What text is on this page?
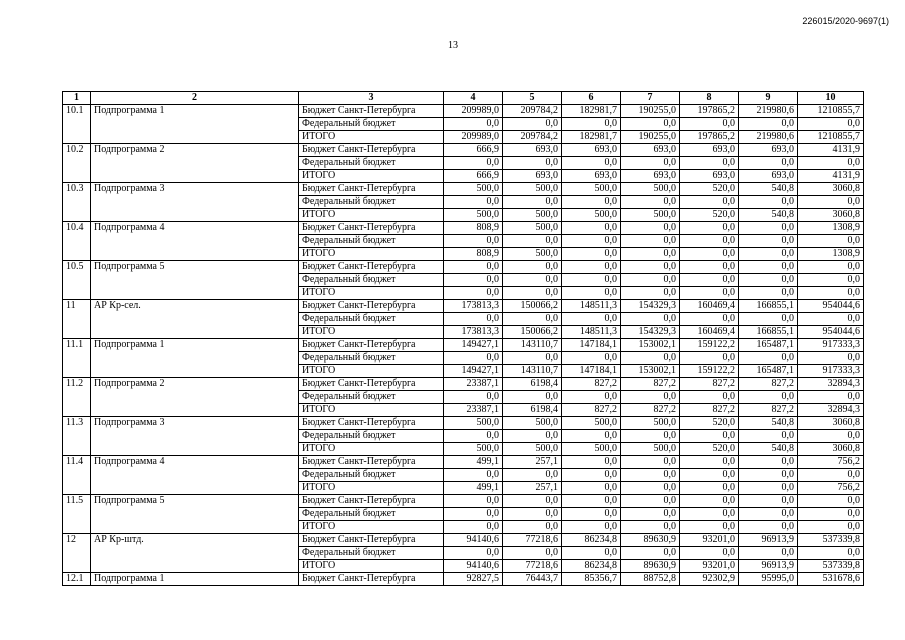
226015/2020-9697(1)
13
1	2	3	4	5	6	7	8	9	10
10.1	Подпрограмма 1	Бюджет Санкт-Петербурга	209989,0	209784,2	182981,7	190255,0	197865,2	219980,6	1210855,7
		Федеральный бюджет	0,0	0,0	0,0	0,0	0,0	0,0	0,0
		ИТОГО	209989,0	209784,2	182981,7	190255,0	197865,2	219980,6	1210855,7
10.2	Подпрограмма 2	Бюджет Санкт-Петербурга	666,9	693,0	693,0	693,0	693,0	693,0	4131,9
		Федеральный бюджет	0,0	0,0	0,0	0,0	0,0	0,0	0,0
		ИТОГО	666,9	693,0	693,0	693,0	693,0	693,0	4131,9
10.3	Подпрограмма 3	Бюджет Санкт-Петербурга	500,0	500,0	500,0	500,0	520,0	540,8	3060,8
		Федеральный бюджет	0,0	0,0	0,0	0,0	0,0	0,0	0,0
		ИТОГО	500,0	500,0	500,0	500,0	520,0	540,8	3060,8
10.4	Подпрограмма 4	Бюджет Санкт-Петербурга	808,9	500,0	0,0	0,0	0,0	0,0	1308,9
		Федеральный бюджет	0,0	0,0	0,0	0,0	0,0	0,0	0,0
		ИТОГО	808,9	500,0	0,0	0,0	0,0	0,0	1308,9
10.5	Подпрограмма 5	Бюджет Санкт-Петербурга	0,0	0,0	0,0	0,0	0,0	0,0	0,0
		Федеральный бюджет	0,0	0,0	0,0	0,0	0,0	0,0	0,0
		ИТОГО	0,0	0,0	0,0	0,0	0,0	0,0	0,0
11	АР Кр-сел.	Бюджет Санкт-Петербурга	173813,3	150066,2	148511,3	154329,3	160469,4	166855,1	954044,6
		Федеральный бюджет	0,0	0,0	0,0	0,0	0,0	0,0	0,0
		ИТОГО	173813,3	150066,2	148511,3	154329,3	160469,4	166855,1	954044,6
11.1	Подпрограмма 1	Бюджет Санкт-Петербурга	149427,1	143110,7	147184,1	153002,1	159122,2	165487,1	917333,3
		Федеральный бюджет	0,0	0,0	0,0	0,0	0,0	0,0	0,0
		ИТОГО	149427,1	143110,7	147184,1	153002,1	159122,2	165487,1	917333,3
11.2	Подпрограмма 2	Бюджет Санкт-Петербурга	23387,1	6198,4	827,2	827,2	827,2	827,2	32894,3
		Федеральный бюджет	0,0	0,0	0,0	0,0	0,0	0,0	0,0
		ИТОГО	23387,1	6198,4	827,2	827,2	827,2	827,2	32894,3
11.3	Подпрограмма 3	Бюджет Санкт-Петербурга	500,0	500,0	500,0	500,0	520,0	540,8	3060,8
		Федеральный бюджет	0,0	0,0	0,0	0,0	0,0	0,0	0,0
		ИТОГО	500,0	500,0	500,0	500,0	520,0	540,8	3060,8
11.4	Подпрограмма 4	Бюджет Санкт-Петербурга	499,1	257,1	0,0	0,0	0,0	0,0	756,2
		Федеральный бюджет	0,0	0,0	0,0	0,0	0,0	0,0	0,0
		ИТОГО	499,1	257,1	0,0	0,0	0,0	0,0	756,2
11.5	Подпрограмма 5	Бюджет Санкт-Петербурга	0,0	0,0	0,0	0,0	0,0	0,0	0,0
		Федеральный бюджет	0,0	0,0	0,0	0,0	0,0	0,0	0,0
		ИТОГО	0,0	0,0	0,0	0,0	0,0	0,0	0,0
12	АР Кр-штд.	Бюджет Санкт-Петербурга	94140,6	77218,6	86234,8	89630,9	93201,0	96913,9	537339,8
		Федеральный бюджет	0,0	0,0	0,0	0,0	0,0	0,0	0,0
		ИТОГО	94140,6	77218,6	86234,8	89630,9	93201,0	96913,9	537339,8
12.1	Подпрограмма 1	Бюджет Санкт-Петербурга	92827,5	76443,7	85356,7	88752,8	92302,9	95995,0	531678,6
